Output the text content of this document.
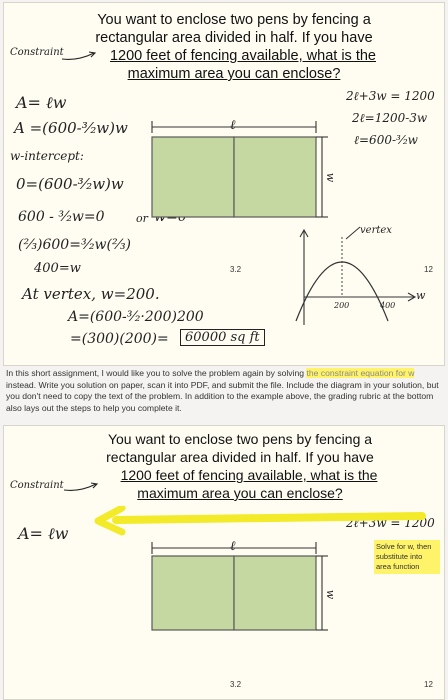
You want to enclose two pens by fencing a
rectangular area divided in half. If you have
1200 feet of fencing available, what is the
maximum area you can enclose?
Constraint
A= ℓw
A =(600-³⁄₂w)w
w-intercept:
0=(600-³⁄₂w)w
600 - ³⁄₂w=0	or
(⅔)600=³⁄₂w(⅔)
400=w
At vertex, w=200.
A=(600-³⁄₂·200)200
=(300)(200)=	60000 sq ft
2ℓ+3w = 1200
2ℓ=1200-3w
ℓ=600-³⁄₂w
ℓ
w
3.2
vertex
w
200	400
12
In this short assignment, I would like you to solve the problem again by solving the constraint equation for w instead. Write you solution on paper, scan it into PDF, and submit the file. Include the diagram in your solution, but you don't need to copy the text of the problem. In addition to the example above, the grading rubric at the bottom also lays out the steps to help you complete it.
You want to enclose two pens by fencing a
rectangular area divided in half. If you have
1200 feet of fencing available, what is the
maximum area you can enclose?
Constraint
A= ℓw
2ℓ+3w = 1200
ℓ
w
Solve for w, then substitute into area function
3.2	12
